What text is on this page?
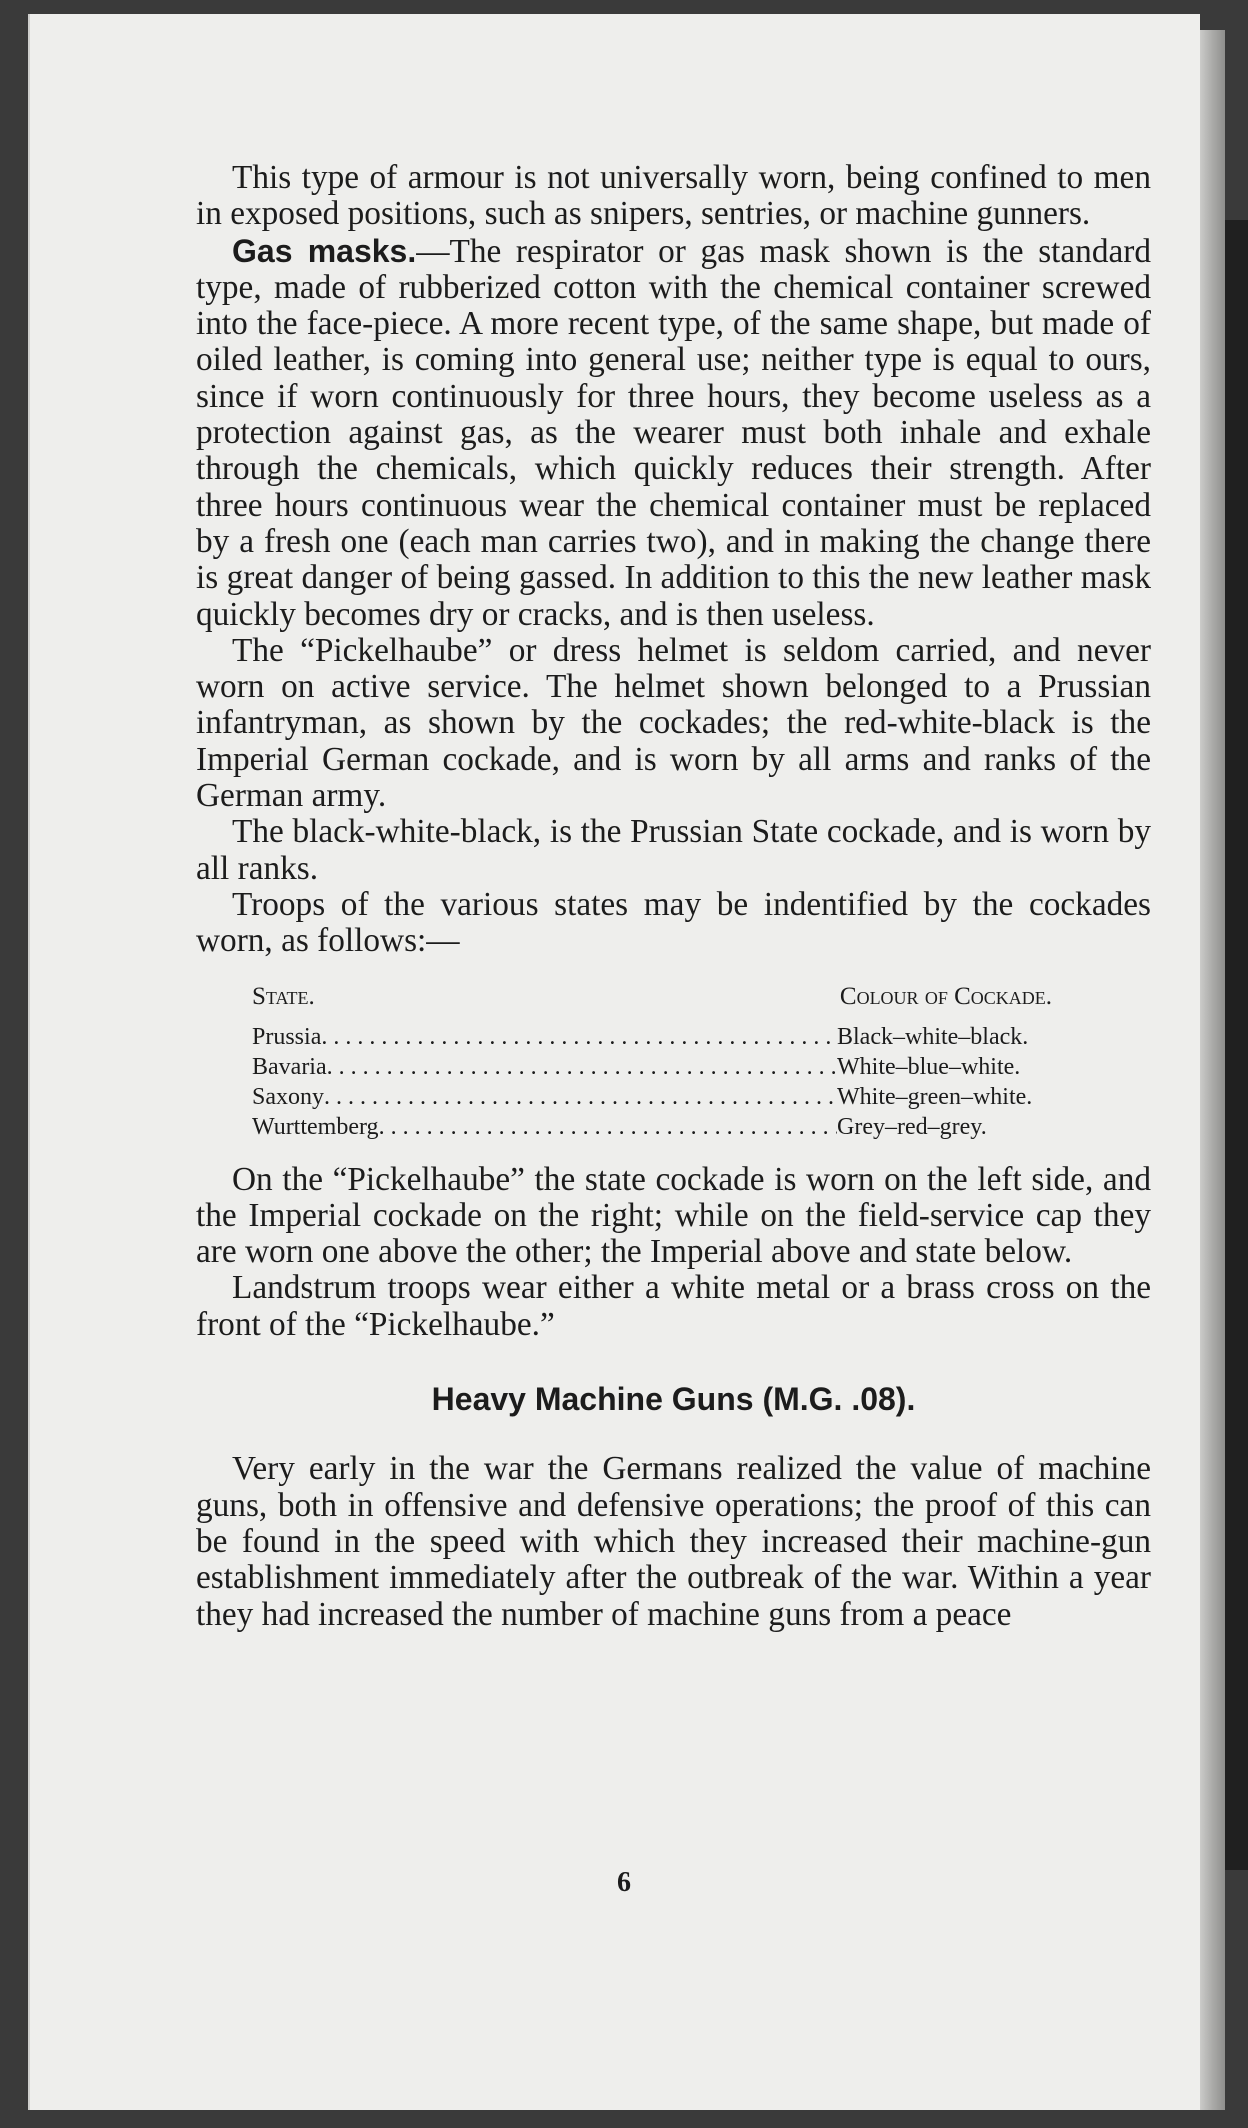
This type of armour is not universally worn, being confined to men in exposed positions, such as snipers, sentries, or machine gunners.

Gas masks.—The respirator or gas mask shown is the standard type, made of rubberized cotton with the chemical container screwed into the face-piece. A more recent type, of the same shape, but made of oiled leather, is coming into general use; neither type is equal to ours, since if worn continuously for three hours, they become useless as a protection against gas, as the wearer must both inhale and exhale through the chemicals, which quickly reduces their strength. After three hours continuous wear the chemical container must be replaced by a fresh one (each man carries two), and in making the change there is great danger of being gassed. In addition to this the new leather mask quickly becomes dry or cracks, and is then useless.

The “Pickelhaube” or dress helmet is seldom carried, and never worn on active service. The helmet shown belonged to a Prussian infantryman, as shown by the cockades; the red-white-black is the Imperial German cockade, and is worn by all arms and ranks of the German army.

The black-white-black, is the Prussian State cockade, and is worn by all ranks.

Troops of the various states may be indentified by the cockades worn, as follows:—

State.	Colour of Cockade.
Prussia . . .	Black–white–black.
Bavaria . . .	White–blue–white.
Saxony . . .	White–green–white.
Wurttemberg . . .	Grey–red–grey.

On the “Pickelhaube” the state cockade is worn on the left side, and the Imperial cockade on the right; while on the field-service cap they are worn one above the other; the Imperial above and state below.

Landstrum troops wear either a white metal or a brass cross on the front of the “Pickelhaube.”

Heavy Machine Guns (M.G. .08).

Very early in the war the Germans realized the value of machine guns, both in offensive and defensive operations; the proof of this can be found in the speed with which they increased their machine-gun establishment immediately after the outbreak of the war. Within a year they had increased the number of machine guns from a peace

6
